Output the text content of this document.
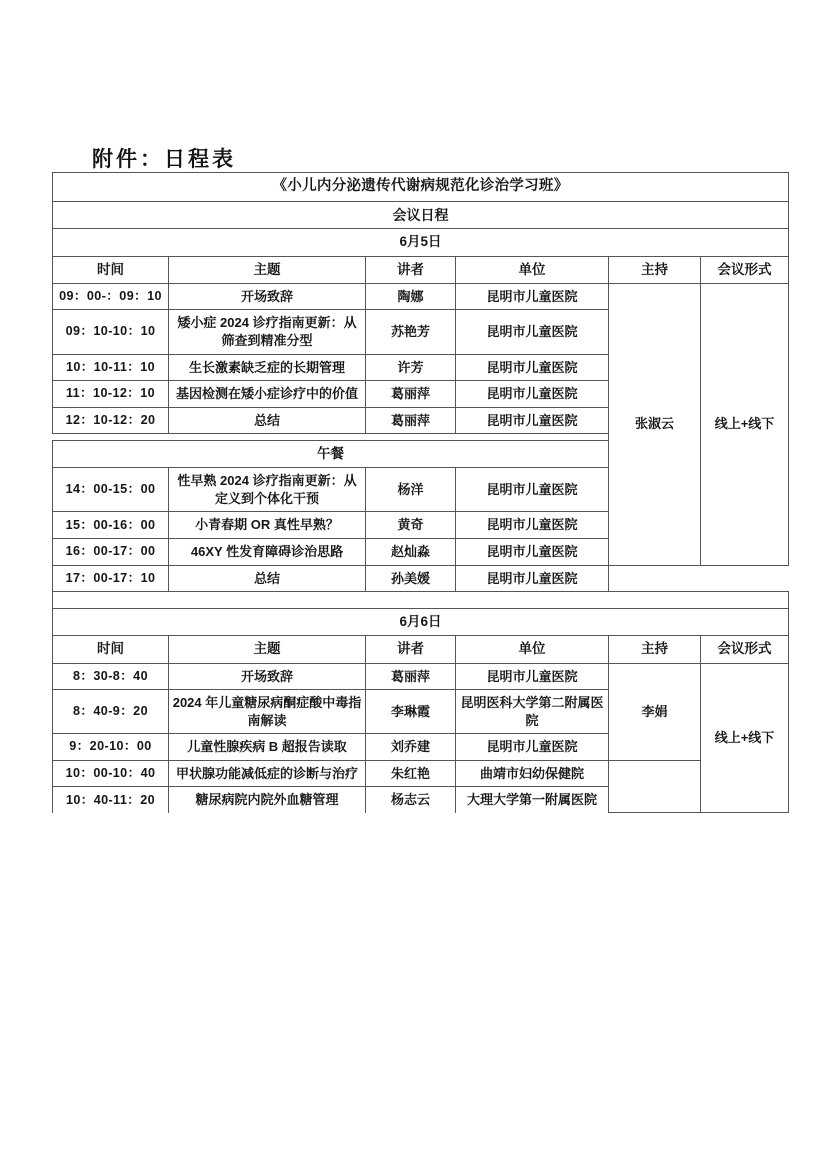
附件：日程表
《小儿内分泌遗传代谢病规范化诊治学习班》					
会议日程					
6月5日					
时间	主题	讲者	单位	主持	会议形式
09：00-：09：10	开场致辞	陶娜	昆明市儿童医院	张淑云	线上+线下
09：10-10：10	矮小症 2024 诊疗指南更新：从筛查到精准分型	苏艳芳	昆明市儿童医院		
10：10-11：10	生长激素缺乏症的长期管理	许芳	昆明市儿童医院		
11：10-12：10	基因检测在矮小症诊疗中的价值	葛丽萍	昆明市儿童医院		
12：10-12：20	总结	葛丽萍	昆明市儿童医院		

午餐					
14：00-15：00	性早熟 2024 诊疗指南更新：从定义到个体化干预	杨洋	昆明市儿童医院		
15：00-16：00	小青春期 OR 真性早熟？	黄奇	昆明市儿童医院		
16：00-17：00	46XY 性发育障碍诊治思路	赵灿淼	昆明市儿童医院		
17：00-17：10	总结	孙美媛	昆明市儿童医院		

6月6日					
时间	主题	讲者	单位	主持	会议形式
8：30-8：40	开场致辞	葛丽萍	昆明市儿童医院	李娟	线上+线下
8：40-9：20	2024 年儿童糖尿病酮症酸中毒指南解读	李琳霞	昆明医科大学第二附属医院		
9：20-10：00	儿童性腺疾病 B 超报告读取	刘乔建	昆明市儿童医院		
10：00-10：40	甲状腺功能减低症的诊断与治疗	朱红艳	曲靖市妇幼保健院		
10：40-11：20	糖尿病院内院外血糖管理	杨志云	大理大学第一附属医院		
